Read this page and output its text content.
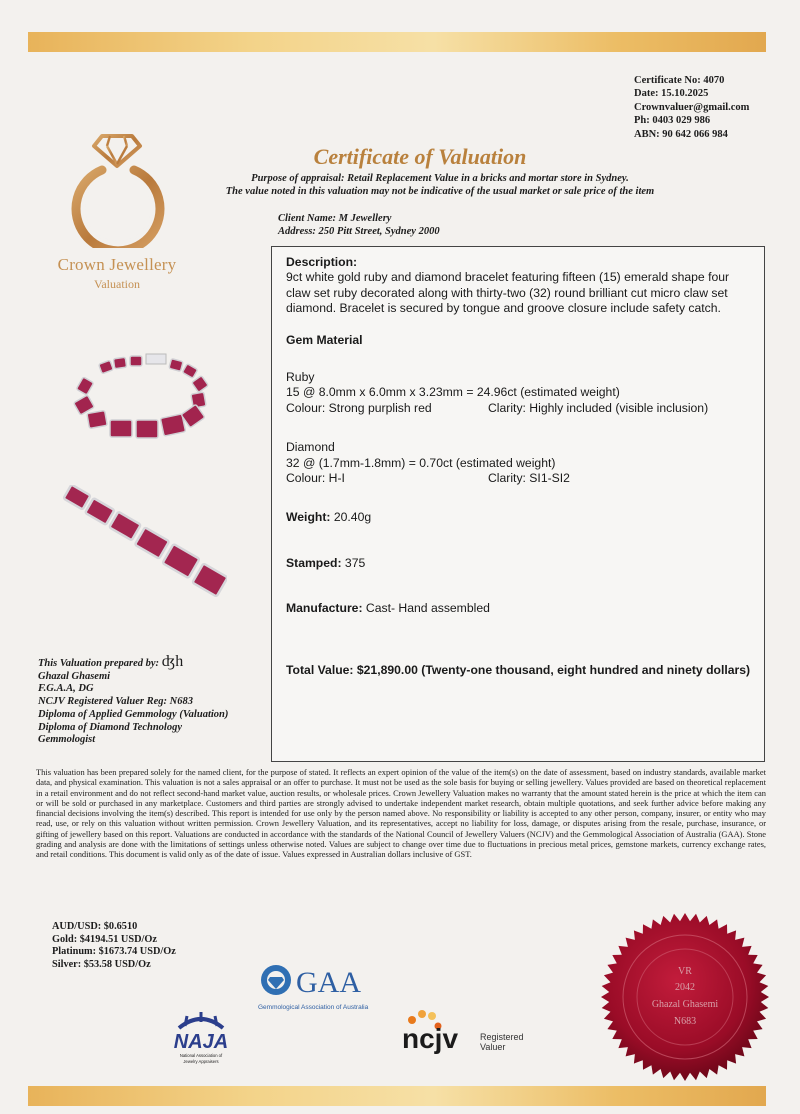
Certificate No: 4070
Date: 15.10.2025
Crownvaluer@gmail.com
Ph: 0403 029 986
ABN: 90 642 066 984
Crown Jewellery
Valuation
Certificate of Valuation
Purpose of appraisal: Retail Replacement Value in a bricks and mortar store in Sydney.
The value noted in this valuation may not be indicative of the usual market or sale price of the item
Client Name: M Jewellery
Address: 250 Pitt Street, Sydney 2000
Description:
9ct white gold ruby and diamond bracelet featuring fifteen (15) emerald shape four claw set ruby decorated along with thirty-two (32) round brilliant cut micro claw set diamond. Bracelet is secured by tongue and groove closure include safety catch.
Gem Material
Ruby
15 @ 8.0mm x 6.0mm x 3.23mm = 24.96ct (estimated weight)
Colour: Strong purplish red	Clarity: Highly included (visible inclusion)
Diamond
32 @ (1.7mm-1.8mm) = 0.70ct (estimated weight)
Colour: H-I	Clarity: SI1-SI2
Weight: 20.40g
Stamped: 375
Manufacture: Cast- Hand assembled
Total Value: $21,890.00 (Twenty-one thousand, eight hundred and ninety dollars)
This Valuation prepared by: ʤh
Ghazal Ghasemi
F.G.A.A, DG
NCJV Registered Valuer Reg: N683
Diploma of Applied Gemmology (Valuation)
Diploma of Diamond Technology
Gemmologist
This valuation has been prepared solely for the named client, for the purpose of stated. It reflects an expert opinion of the value of the item(s) on the date of assessment, based on industry standards, available market data, and physical examination. This valuation is not a sales appraisal or an offer to purchase. It must not be used as the sole basis for buying or selling jewellery. Values provided are based on theoretical replacement in a retail environment and do not reflect second-hand market value, auction results, or wholesale prices. Crown Jewellery Valuation makes no warranty that the amount stated herein is the price at which the item can or will be sold or purchased in any marketplace. Customers and third parties are strongly advised to undertake independent market research, obtain multiple quotations, and seek further advice before making any financial decisions involving the item(s) described. This report is intended for use only by the person named above. No responsibility or liability is accepted to any other person, company, insurer, or entity who may read, use, or rely on this valuation without written permission. Crown Jewellery Valuation, and its representatives, accept no liability for loss, damage, or disputes arising from the resale, purchase, insurance, or gifting of jewellery based on this report. Valuations are conducted in accordance with the standards of the National Council of Jewellery Valuers (NCJV) and the Gemmological Association of Australia (GAA). Stone grading and analysis are done with the limitations of settings unless otherwise noted. Values are subject to change over time due to fluctuations in precious metal prices, gemstone markets, currency exchange rates, and retail conditions. This document is valid only as of the date of issue. Values expressed in Australian dollars inclusive of GST.
AUD/USD: $0.6510
Gold: $4194.51 USD/Oz
Platinum: $1673.74 USD/Oz
Silver: $53.58 USD/Oz
GAA
Gemmological Association of Australia
NAJA
National Association of
Jewelry Appraisers
ncjv Registered
Valuer
VR
2042
Ghazal Ghasemi
N683
